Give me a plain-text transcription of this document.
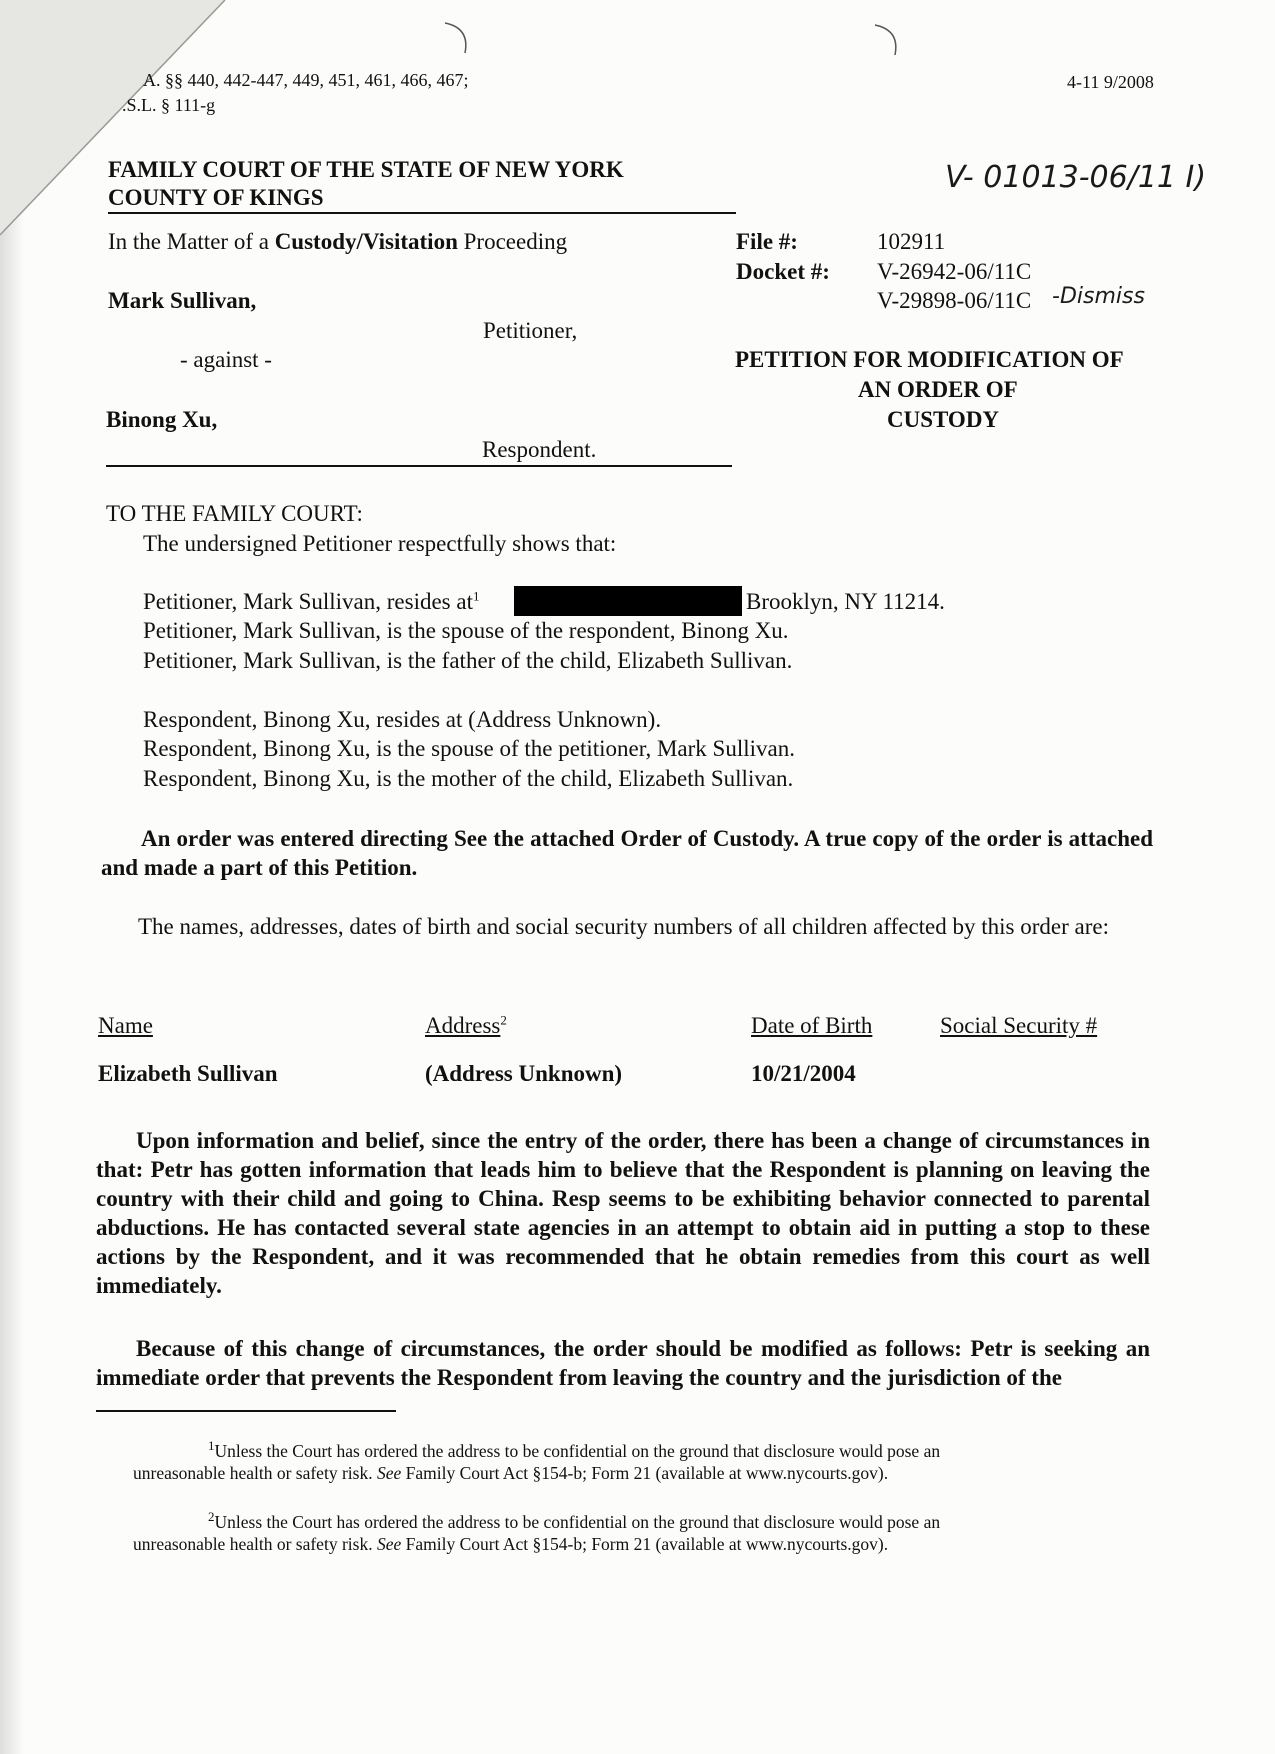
A. §§ 440, 442-447, 449, 451, 461, 466, 467;
.S.L. § 111-g
4-11 9/2008
FAMILY COURT OF THE STATE OF NEW YORK
COUNTY OF KINGS
V- 01013-06/11 I)
In the Matter of a Custody/Visitation Proceeding
Mark Sullivan,
Petitioner,
- against -
Binong Xu,
Respondent.
File #:	102911
Docket #: V-26942-06/11C
V-29898-06/11C -Dismiss
PETITION FOR MODIFICATION OF
AN ORDER OF
CUSTODY
TO THE FAMILY COURT:
The undersigned Petitioner respectfully shows that:
Petitioner, Mark Sullivan, resides $at^1$	Brooklyn, NY 11214.
Petitioner, Mark Sullivan, is the spouse of the respondent, Binong Xu.
Petitioner, Mark Sullivan, is the father of the child, Elizabeth Sullivan.
Respondent, Binong Xu, resides at (Address Unknown).
Respondent, Binong Xu, is the spouse of the petitioner, Mark Sullivan.
Respondent, Binong Xu, is the mother of the child, Elizabeth Sullivan.
An order was entered directing See the attached Order of Custody. A true copy of the order is attached and made a part of this Petition.
The names, addresses, dates of birth and social security numbers of all children affected by this order are:
Name	Address$^2$	Date of Birth	Social Security #
Elizabeth Sullivan	(Address Unknown)	10/21/2004
Upon information and belief, since the entry of the order, there has been a change of circumstances in that: Petr has gotten information that leads him to believe that the Respondent is planning on leaving the country with their child and going to China. Resp seems to be exhibiting behavior connected to parental abductions. He has contacted several state agencies in an attempt to obtain aid in putting a stop to these actions by the Respondent, and it was recommended that he obtain remedies from this court as well immediately.
Because of this change of circumstances, the order should be modified as follows: Petr is seeking an immediate order that prevents the Respondent from leaving the country and the jurisdiction of the
$^1$Unless the Court has ordered the address to be confidential on the ground that disclosure would pose an
unreasonable health or safety risk. See Family Court Act §154-b; Form 21 (available at www.nycourts.gov).
$^2$Unless the Court has ordered the address to be confidential on the ground that disclosure would pose an
unreasonable health or safety risk. See Family Court Act §154-b; Form 21 (available at www.nycourts.gov).
